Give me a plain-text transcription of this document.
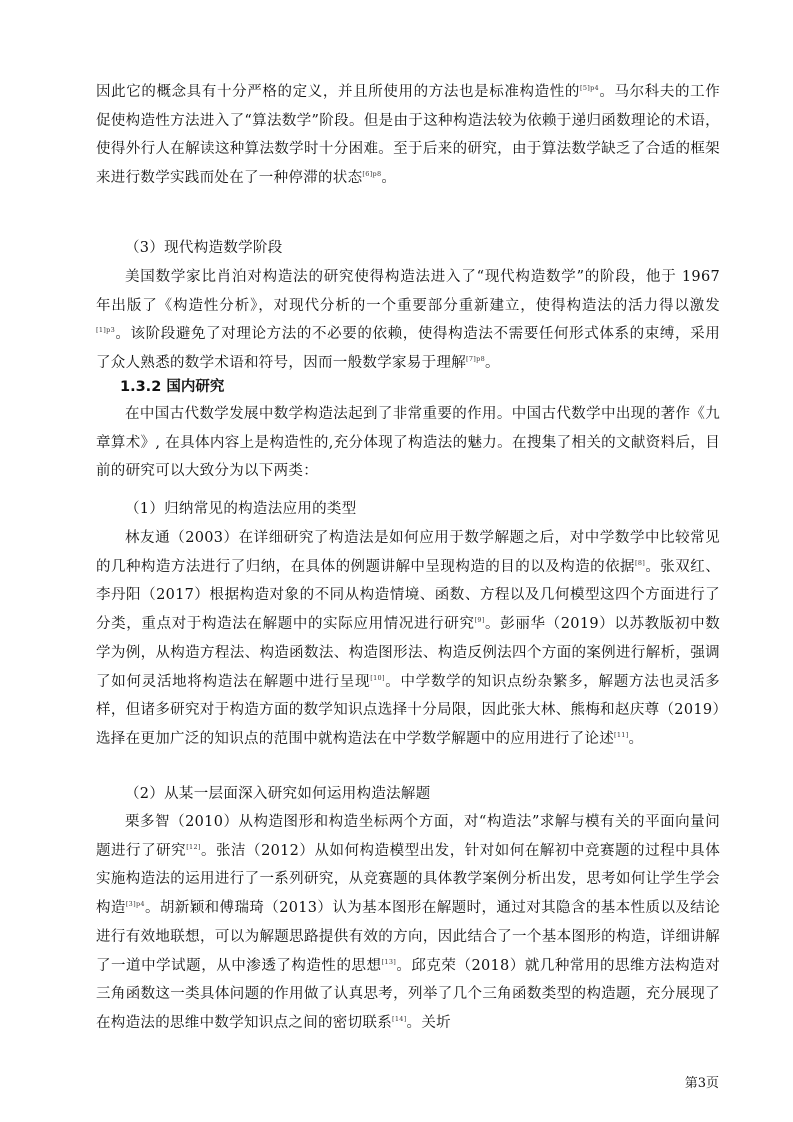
因此它的概念具有十分严格的定义，并且所使用的方法也是标准构造性的$^{[5]p4}$。马尔科夫的工作促使构造性方法进入了“算法数学”阶段。但是由于这种构造法较为依赖于递归函数理论的术语，使得外行人在解读这种算法数学时十分困难。至于后来的研究，由于算法数学缺乏了合适的框架来进行数学实践而处在了一种停滞的状态$^{[6]p8}$。

（3）现代构造数学阶段

美国数学家比肖泊对构造法的研究使得构造法进入了“现代构造数学”的阶段，他于 1967 年出版了《构造性分析》，对现代分析的一个重要部分重新建立，使得构造法的活力得以激发$^{[1]p3}$。该阶段避免了对理论方法的不必要的依赖，使得构造法不需要任何形式体系的束缚，采用了众人熟悉的数学术语和符号，因而一般数学家易于理解$^{[7]p8}$。

1.3.2 国内研究

在中国古代数学发展中数学构造法起到了非常重要的作用。中国古代数学中出现的著作《九章算术》, 在具体内容上是构造性的,充分体现了构造法的魅力。在搜集了相关的文献资料后，目前的研究可以大致分为以下两类：

（1）归纳常见的构造法应用的类型

林友通（2003）在详细研究了构造法是如何应用于数学解题之后，对中学数学中比较常见的几种构造方法进行了归纳，在具体的例题讲解中呈现构造的目的以及构造的依据[8]。张双红、李丹阳（2017）根据构造对象的不同从构造情境、函数、方程以及几何模型这四个方面进行了分类，重点对于构造法在解题中的实际应用情况进行研究[9]。彭丽华（2019）以苏教版初中数学为例，从构造方程法、构造函数法、构造图形法、构造反例法四个方面的案例进行解析，强调了如何灵活地将构造法在解题中进行呈现[10]。中学数学的知识点纷杂繁多，解题方法也灵活多样，但诸多研究对于构造方面的数学知识点选择十分局限，因此张大林、熊梅和赵庆尊（2019）选择在更加广泛的知识点的范围中就构造法在中学数学解题中的应用进行了论述[11]。

（2）从某一层面深入研究如何运用构造法解题

栗多智（2010）从构造图形和构造坐标两个方面，对“构造法”求解与模有关的平面向量问题进行了研究[12]。张洁（2012）从如何构造模型出发，针对如何在解初中竞赛题的过程中具体实施构造法的运用进行了一系列研究，从竞赛题的具体教学案例分析出发，思考如何让学生学会构造$^{[3]p4}$。胡新颖和傅瑞琦（2013）认为基本图形在解题时，通过对其隐含的基本性质以及结论进行有效地联想，可以为解题思路提供有效的方向，因此结合了一个基本图形的构造，详细讲解了一道中学试题，从中渗透了构造性的思想[13]。邱克荣（2018）就几种常用的思维方法构造对三角函数这一类具体问题的作用做了认真思考，列举了几个三角函数类型的构造题，充分展现了在构造法的思维中数学知识点之间的密切联系[14]。关圻

第3页
